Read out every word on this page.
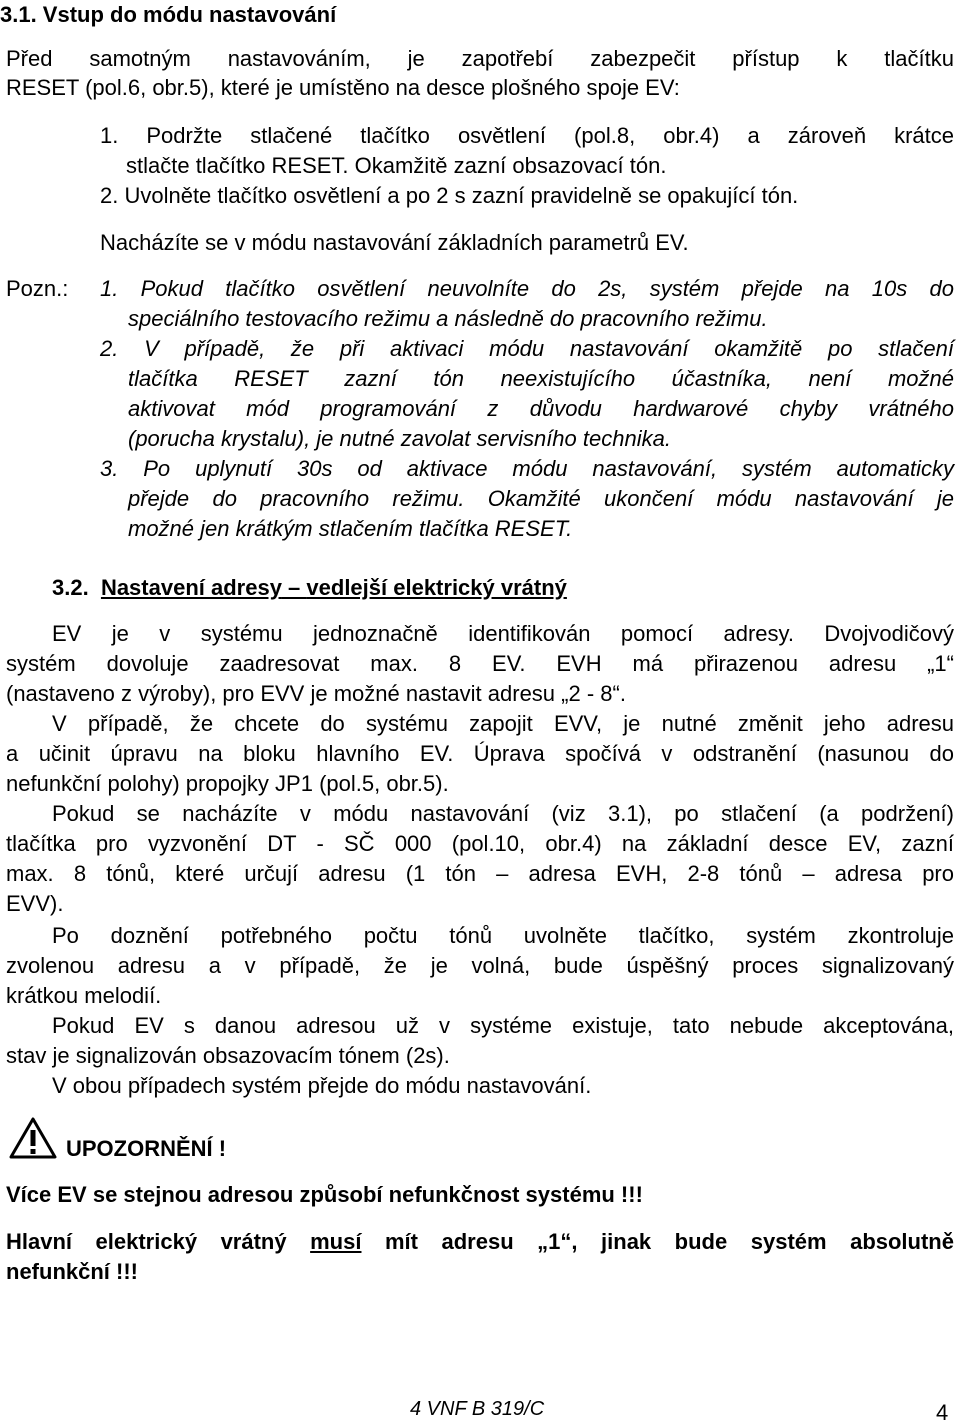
3.1. Vstup do módu nastavování
Před samotným nastavováním, je zapotřebí zabezpečit přístup k tlačítku
RESET (pol.6, obr.5), které je umístěno na desce plošného spoje EV:
1. Podržte stlačené tlačítko osvětlení (pol.8, obr.4) a zároveň krátce
stlačte tlačítko RESET. Okamžitě zazní obsazovací tón.
2. Uvolněte tlačítko osvětlení a po 2 s zazní pravidelně se opakující tón.
Nacházíte se v módu nastavování základních parametrů EV.
Pozn.: 1. Pokud tlačítko osvětlení neuvolníte do 2s, systém přejde na 10s do
speciálního testovacího režimu a následně do pracovního režimu.
2. V případě, že při aktivaci módu nastavování okamžitě po stlačení
tlačítka RESET zazní tón neexistujícího účastníka, není možné
aktivovat mód programování z důvodu hardwarové chyby vrátného
(porucha krystalu), je nutné zavolat servisního technika.
3. Po uplynutí 30s od aktivace módu nastavování, systém automaticky
přejde do pracovního režimu. Okamžité ukončení módu nastavování je
možné jen krátkým stlačením tlačítka RESET.
3.2. Nastavení adresy – vedlejší elektrický vrátný
EV je v systému jednoznačně identifikován pomocí adresy. Dvojvodičový
systém dovoluje zaadresovat max. 8 EV. EVH má přirazenou adresu „1“
(nastaveno z výroby), pro EVV je možné nastavit adresu „2 - 8“.
V případě, že chcete do systému zapojit EVV, je nutné změnit jeho adresu
a učinit úpravu na bloku hlavního EV. Úprava spočívá v odstranění (nasunou do
nefunkční polohy) propojky JP1 (pol.5, obr.5).
Pokud se nacházíte v módu nastavování (viz 3.1), po stlačení (a podržení)
tlačítka pro vyzvonění DT - SČ 000 (pol.10, obr.4) na základní desce EV, zazní
max. 8 tónů, které určují adresu (1 tón – adresa EVH, 2-8 tónů – adresa pro
EVV).
Po doznění potřebného počtu tónů uvolněte tlačítko, systém zkontroluje
zvolenou adresu a v případě, že je volná, bude úspěšný proces signalizovaný
krátkou melodií.
Pokud EV s danou adresou už v systéme existuje, tato nebude akceptována,
stav je signalizován obsazovacím tónem (2s).
V obou případech systém přejde do módu nastavování.
UPOZORNĚNÍ !
Více EV se stejnou adresou způsobí nefunkčnost systému !!!
Hlavní elektrický vrátný musí mít adresu „1“, jinak bude systém absolutně
nefunkční !!!
4 VNF B 319/C	4
